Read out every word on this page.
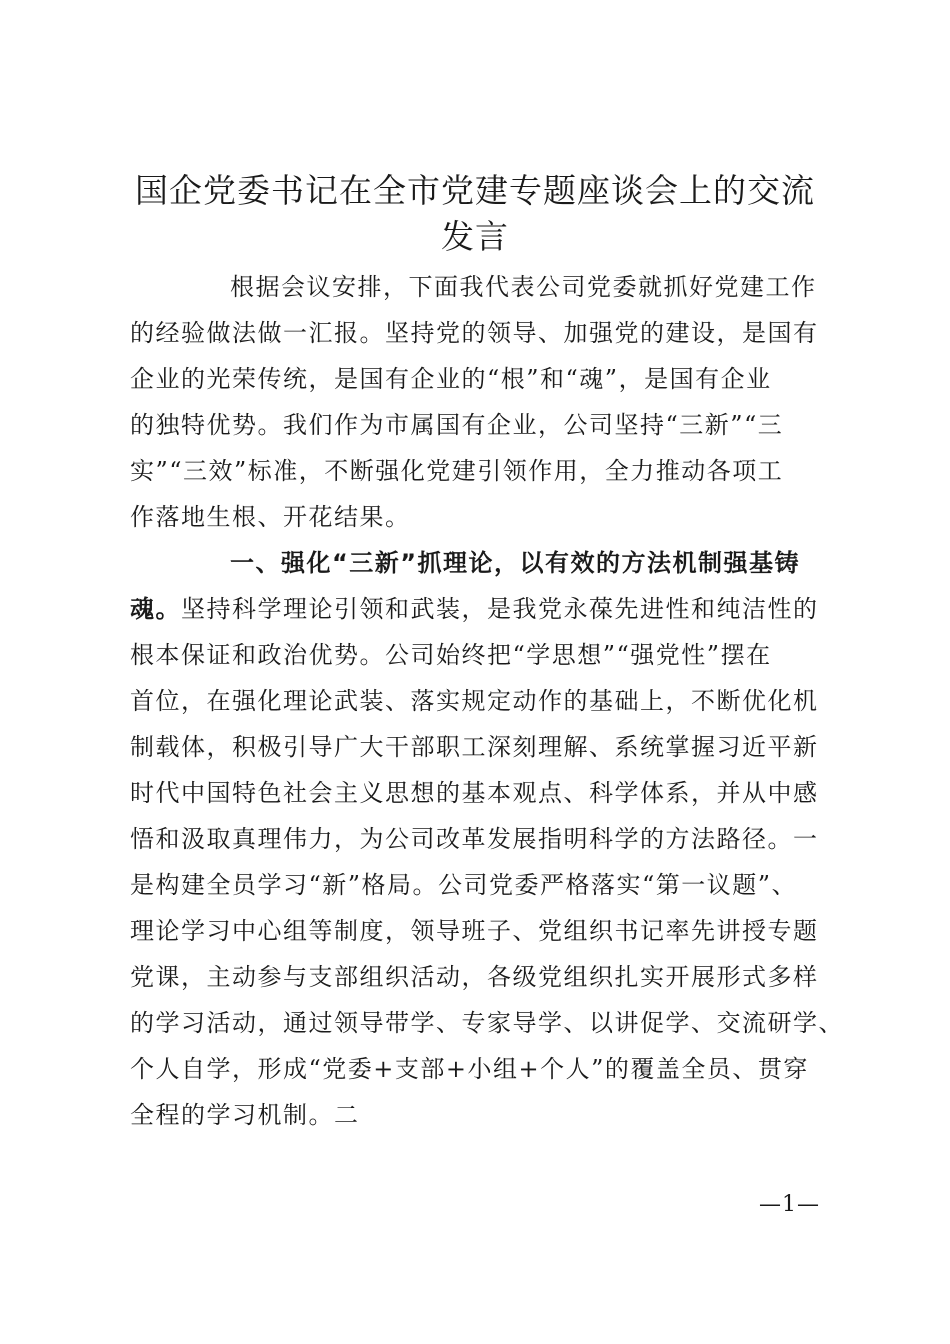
国企党委书记在全市党建专题座谈会上的交流
发言
根据会议安排，下面我代表公司党委就抓好党建工作
的经验做法做一汇报。坚持党的领导、加强党的建设，是国有
企业的光荣传统，是国有企业的“根”和“魂”，是国有企业
的独特优势。我们作为市属国有企业，公司坚持“三新”“三
实”“三效”标准，不断强化党建引领作用，全力推动各项工
作落地生根、开花结果。
一、强化“三新”抓理论，以有效的方法机制强基铸
魂。坚持科学理论引领和武装，是我党永葆先进性和纯洁性的
根本保证和政治优势。公司始终把“学思想”“强党性”摆在
首位，在强化理论武装、落实规定动作的基础上，不断优化机
制载体，积极引导广大干部职工深刻理解、系统掌握习近平新
时代中国特色社会主义思想的基本观点、科学体系，并从中感
悟和汲取真理伟力，为公司改革发展指明科学的方法路径。一
是构建全员学习“新”格局。公司党委严格落实“第一议题”、
理论学习中心组等制度，领导班子、党组织书记率先讲授专题
党课，主动参与支部组织活动，各级党组织扎实开展形式多样
的学习活动，通过领导带学、专家导学、以讲促学、交流研学、
个人自学，形成“党委+支部+小组+个人”的覆盖全员、贯穿
全程的学习机制。二
—1—
